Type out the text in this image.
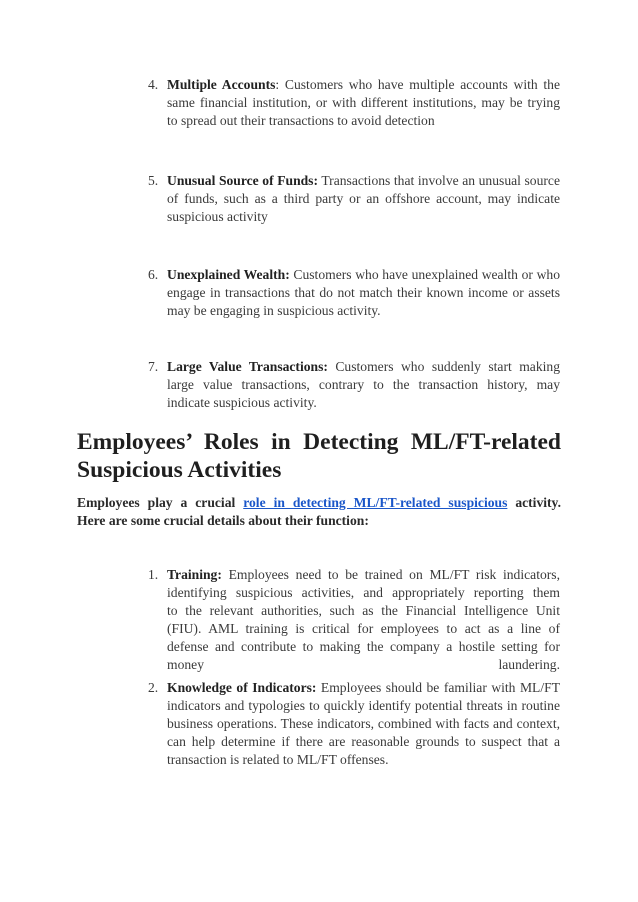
4. Multiple Accounts: Customers who have multiple accounts with the same financial institution, or with different institutions, may be trying to spread out their transactions to avoid detection
5. Unusual Source of Funds: Transactions that involve an unusual source of funds, such as a third party or an offshore account, may indicate suspicious activity
6. Unexplained Wealth: Customers who have unexplained wealth or who engage in transactions that do not match their known income or assets may be engaging in suspicious activity.
7. Large Value Transactions: Customers who suddenly start making large value transactions, contrary to the transaction history, may indicate suspicious activity.
Employees’ Roles in Detecting ML/FT-related
Suspicious Activities
Employees play a crucial role in detecting ML/FT-related suspicious activity.
Here are some crucial details about their function:
1. Training: Employees need to be trained on ML/FT risk indicators,
identifying suspicious activities, and appropriately reporting them
to the relevant authorities, such as the Financial Intelligence Unit
(FIU). AML training is critical for employees to act as a line of
defense and contribute to making the company a hostile setting for
money laundering.
2. Knowledge of Indicators: Employees should be familiar with ML/FT indicators and typologies to quickly identify potential threats in routine business operations. These indicators, combined with facts and context, can help determine if there are reasonable grounds to suspect that a transaction is related to ML/FT offenses.
